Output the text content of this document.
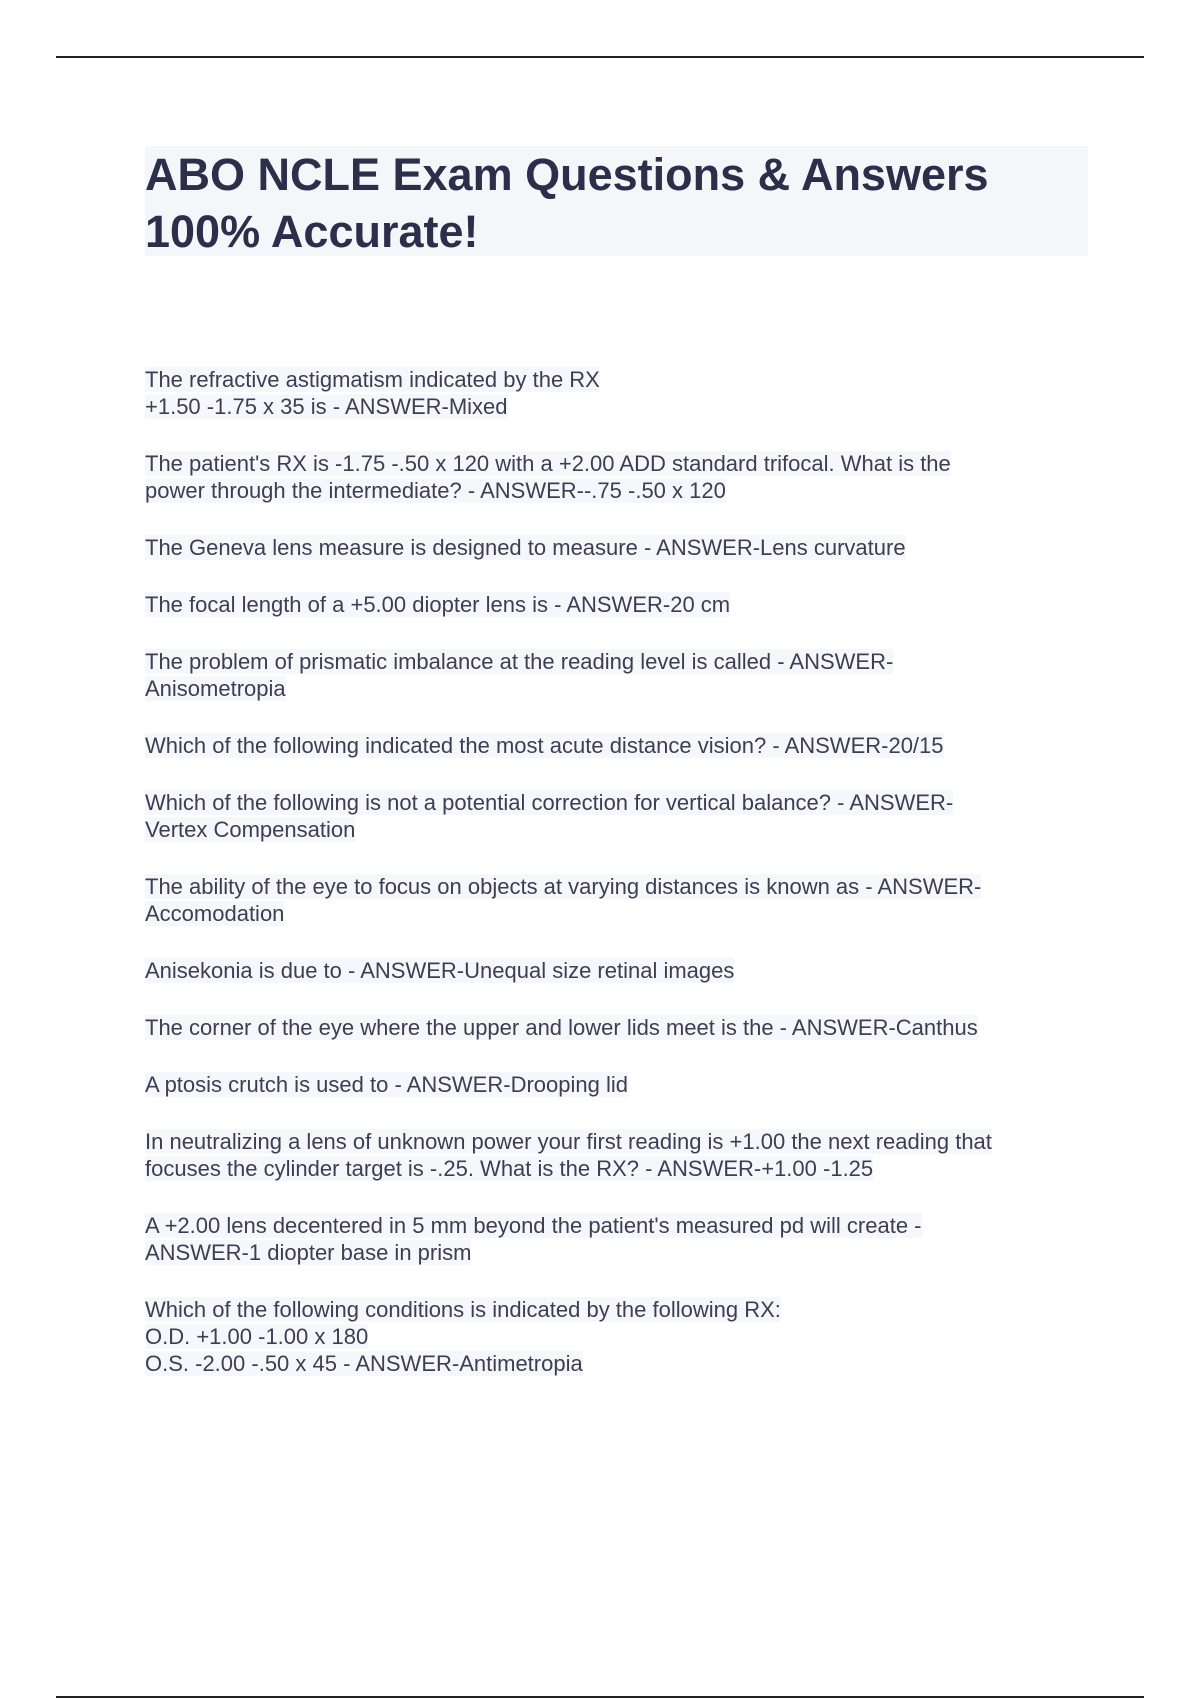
ABO NCLE Exam Questions & Answers
100% Accurate!

The refractive astigmatism indicated by the RX
+1.50 -1.75 x 35 is - ANSWER-Mixed

The patient's RX is -1.75 -.50 x 120 with a +2.00 ADD standard trifocal. What is the
power through the intermediate? - ANSWER--.75 -.50 x 120

The Geneva lens measure is designed to measure - ANSWER-Lens curvature

The focal length of a +5.00 diopter lens is - ANSWER-20 cm

The problem of prismatic imbalance at the reading level is called - ANSWER-
Anisometropia

Which of the following indicated the most acute distance vision? - ANSWER-20/15

Which of the following is not a potential correction for vertical balance? - ANSWER-
Vertex Compensation

The ability of the eye to focus on objects at varying distances is known as - ANSWER-
Accomodation

Anisekonia is due to - ANSWER-Unequal size retinal images

The corner of the eye where the upper and lower lids meet is the - ANSWER-Canthus

A ptosis crutch is used to - ANSWER-Drooping lid

In neutralizing a lens of unknown power your first reading is +1.00 the next reading that
focuses the cylinder target is -.25. What is the RX? - ANSWER-+1.00 -1.25

A +2.00 lens decentered in 5 mm beyond the patient's measured pd will create -
ANSWER-1 diopter base in prism

Which of the following conditions is indicated by the following RX:
O.D. +1.00 -1.00 x 180
O.S. -2.00 -.50 x 45 - ANSWER-Antimetropia
